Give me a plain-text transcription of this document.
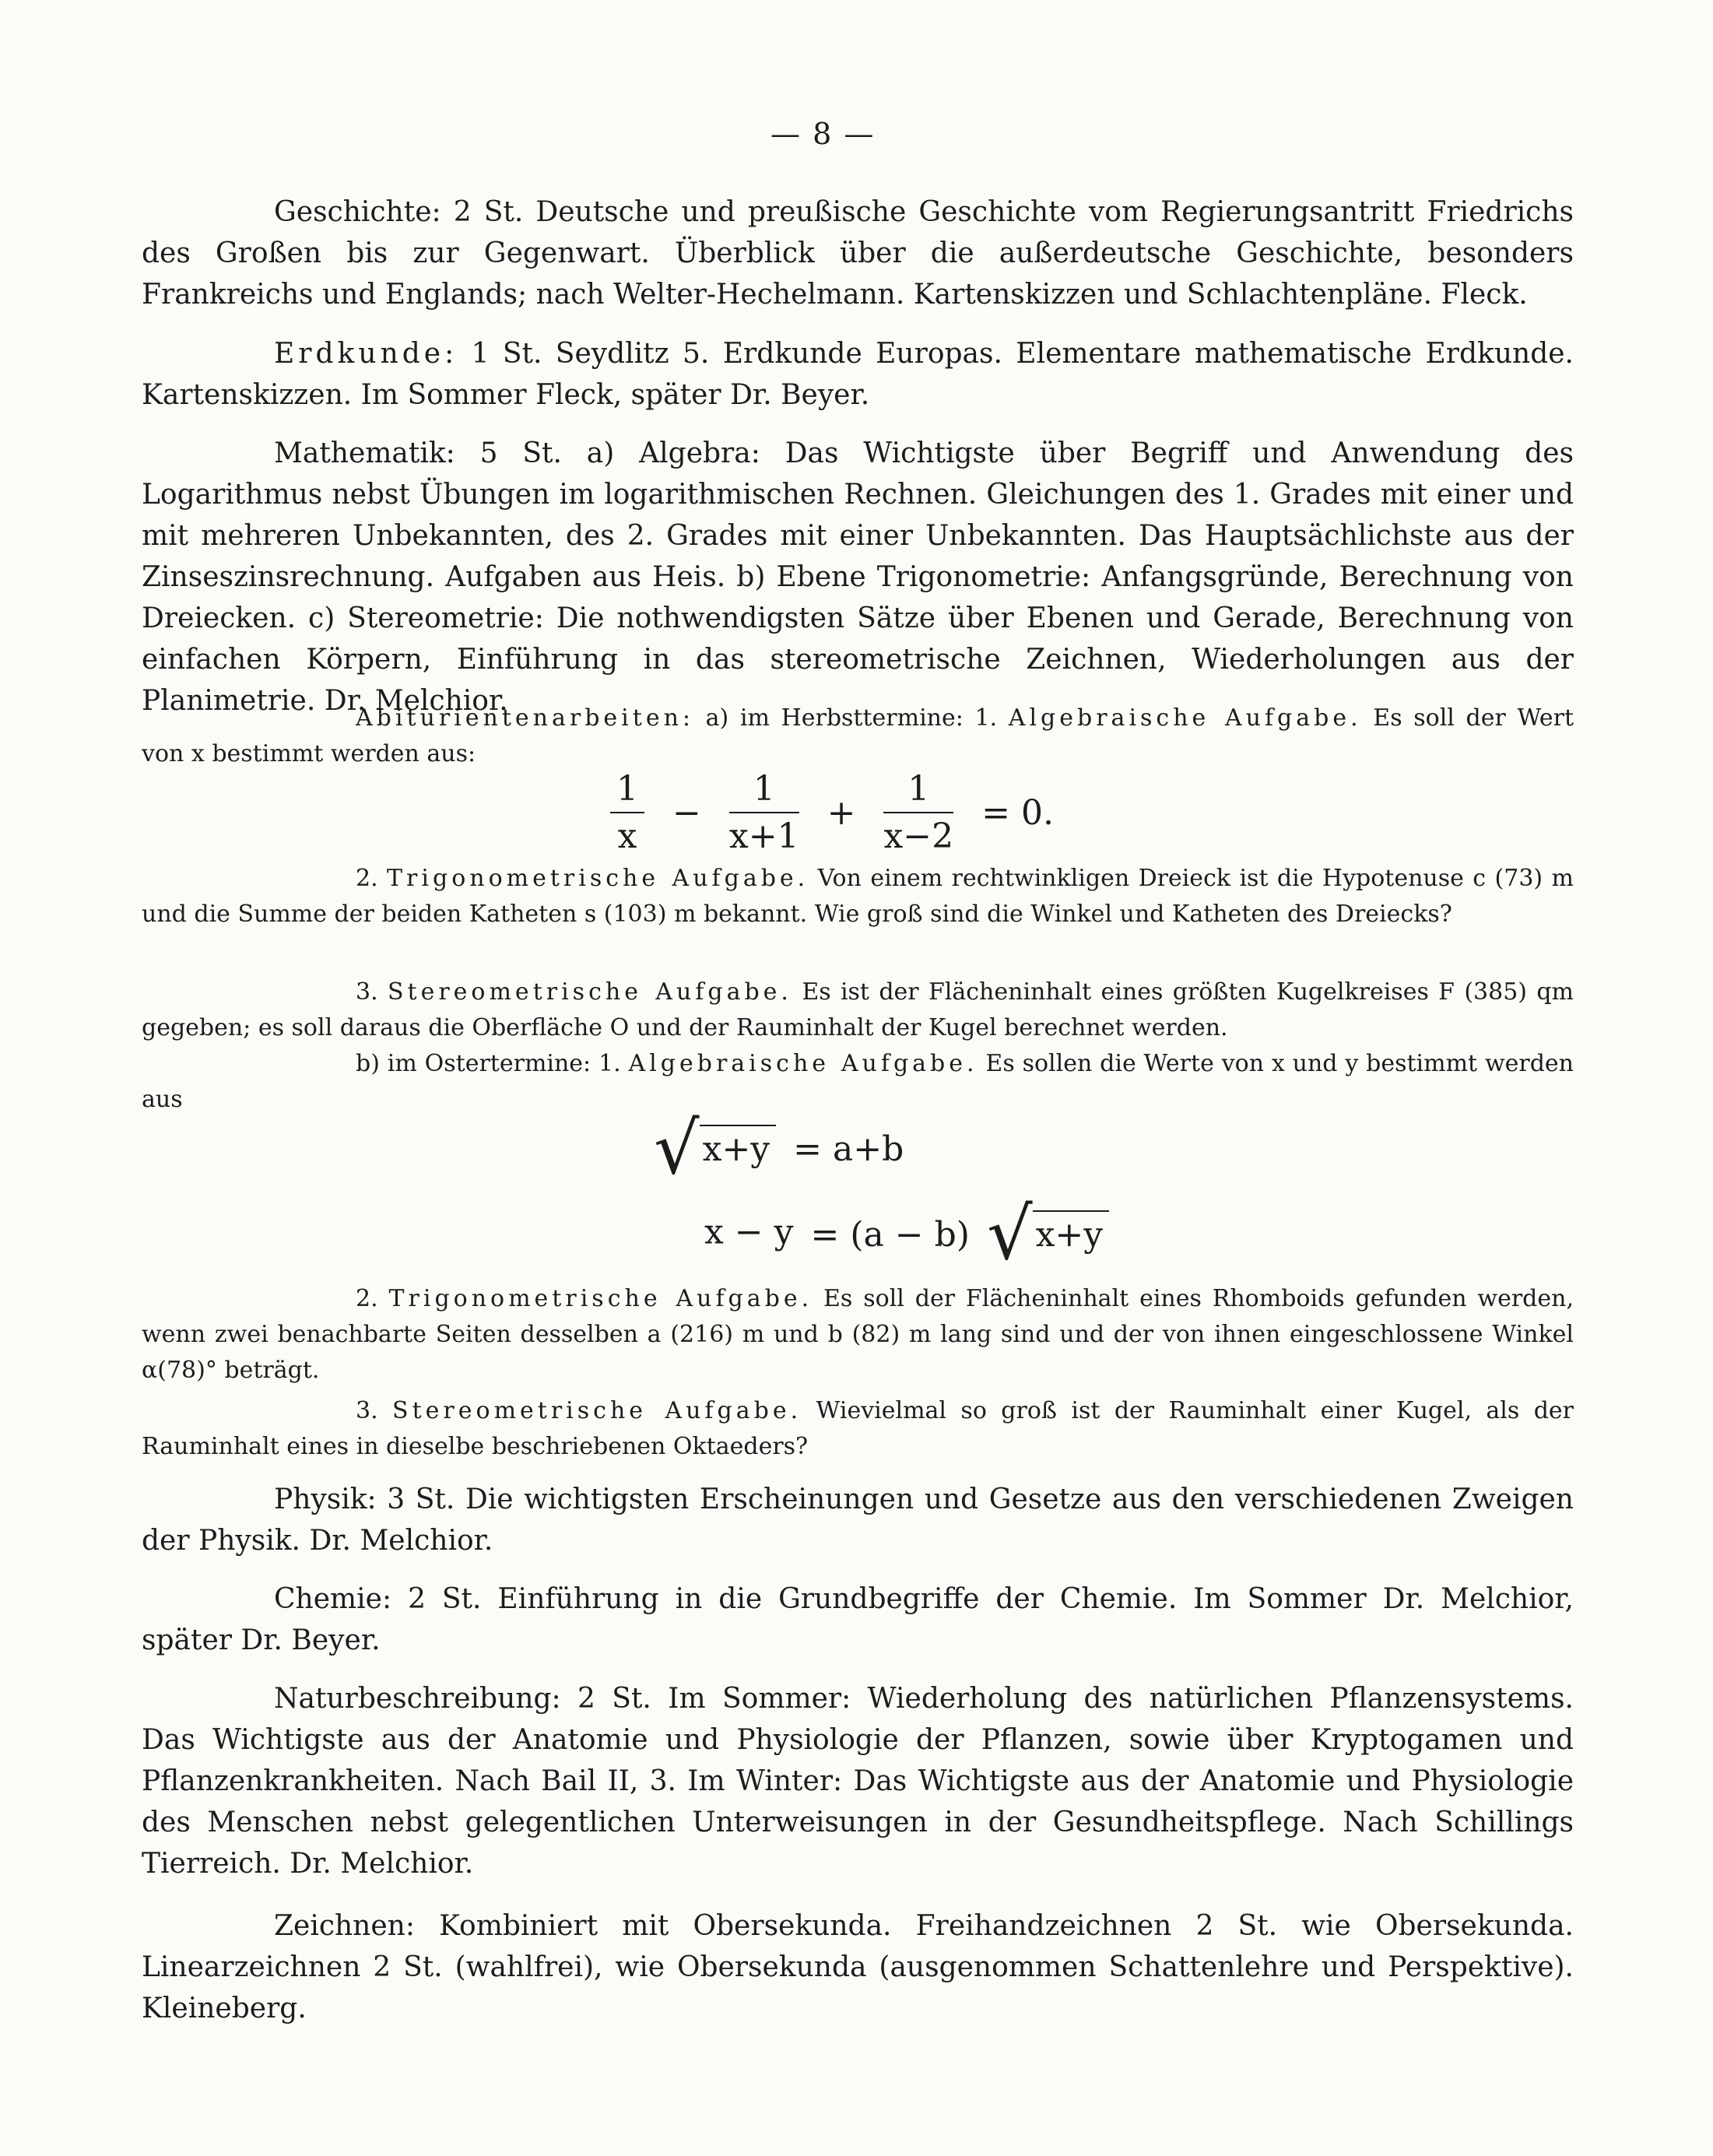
— 8 —

Geschichte: 2 St. Deutsche und preußische Geschichte vom Regierungsantritt Friedrichs des Großen bis zur Gegenwart. Überblick über die außerdeutsche Geschichte, besonders Frankreichs und Englands; nach Welter-Hechelmann. Kartenskizzen und Schlachtenpläne. Fleck.

Erdkunde: 1 St. Seydlitz 5. Erdkunde Europas. Elementare mathematische Erdkunde. Kartenskizzen. Im Sommer Fleck, später Dr. Beyer.

Mathematik: 5 St. a) Algebra: Das Wichtigste über Begriff und Anwendung des Logarithmus nebst Übungen im logarithmischen Rechnen. Gleichungen des 1. Grades mit einer und mit mehreren Unbekannten, des 2. Grades mit einer Unbekannten. Das Hauptsächlichste aus der Zinseszinsrechnung. Aufgaben aus Heis. b) Ebene Trigonometrie: Anfangsgründe, Berechnung von Dreiecken. c) Stereometrie: Die nothwendigsten Sätze über Ebenen und Gerade, Berechnung von einfachen Körpern, Einführung in das stereometrische Zeichnen, Wiederholungen aus der Planimetrie. Dr. Melchior.

Abiturientenarbeiten: a) im Herbsttermine: 1. Algebraische Aufgabe. Es soll der Wert von x bestimmt werden aus:

$\frac{1}{x} - \frac{1}{x+1} + \frac{1}{x-2} = 0$.

2. Trigonometrische Aufgabe. Von einem rechtwinkligen Dreieck ist die Hypotenuse c (73) m und die Summe der beiden Katheten s (103) m bekannt. Wie groß sind die Winkel und Katheten des Dreiecks?

3. Stereometrische Aufgabe. Es ist der Flächeninhalt eines größten Kugelkreises F (385) qm gegeben; es soll daraus die Oberfläche O und der Rauminhalt der Kugel berechnet werden.

b) im Ostertermine: 1. Algebraische Aufgabe. Es sollen die Werte von x und y bestimmt werden aus

√x+y = a+b
x − y = (a − b) √x+y

2. Trigonometrische Aufgabe. Es soll der Flächeninhalt eines Rhomboids gefunden werden, wenn zwei benachbarte Seiten desselben a (216) m und b (82) m lang sind und der von ihnen eingeschlossene Winkel α(78)° beträgt.

3. Stereometrische Aufgabe. Wievielmal so groß ist der Rauminhalt einer Kugel, als der Rauminhalt eines in dieselbe beschriebenen Oktaeders?

Physik: 3 St. Die wichtigsten Erscheinungen und Gesetze aus den verschiedenen Zweigen der Physik. Dr. Melchior.

Chemie: 2 St. Einführung in die Grundbegriffe der Chemie. Im Sommer Dr. Melchior, später Dr. Beyer.

Naturbeschreibung: 2 St. Im Sommer: Wiederholung des natürlichen Pflanzensystems. Das Wichtigste aus der Anatomie und Physiologie der Pflanzen, sowie über Kryptogamen und Pflanzenkrankheiten. Nach Bail II, 3. Im Winter: Das Wichtigste aus der Anatomie und Physiologie des Menschen nebst gelegentlichen Unterweisungen in der Gesundheitspflege. Nach Schillings Tierreich. Dr. Melchior.

Zeichnen: Kombiniert mit Obersekunda. Freihandzeichnen 2 St. wie Obersekunda. Linearzeichnen 2 St. (wahlfrei), wie Obersekunda (ausgenommen Schattenlehre und Perspektive). Kleineberg.
